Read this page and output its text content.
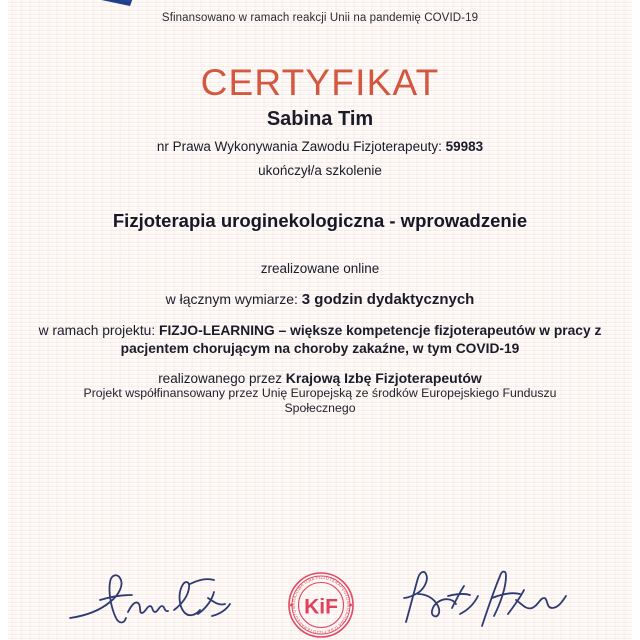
Sfinansowano w ramach reakcji Unii na pandemię COVID-19
CERTYFIKAT
Sabina Tim
nr Prawa Wykonywania Zawodu Fizjoterapeuty: 59983
ukończył/a szkolenie
Fizjoterapia uroginekologiczna - wprowadzenie
zrealizowane online
w łącznym wymiarze: 3 godzin dydaktycznych
w ramach projektu: FIZJO-LEARNING – większe kompetencje fizjoterapeutów w pracy z pacjentem chorującym na choroby zakaźne, w tym COVID-19
realizowanego przez Krajową Izbę Fizjoterapeutów
Projekt współfinansowany przez Unię Europejską ze środków Europejskiego Funduszu Społecznego
KRAJOWA IZBA FIZJOTERAPEUTÓW
KRAJOWA IZBA FIZJOTERAPEUTÓW KiF
